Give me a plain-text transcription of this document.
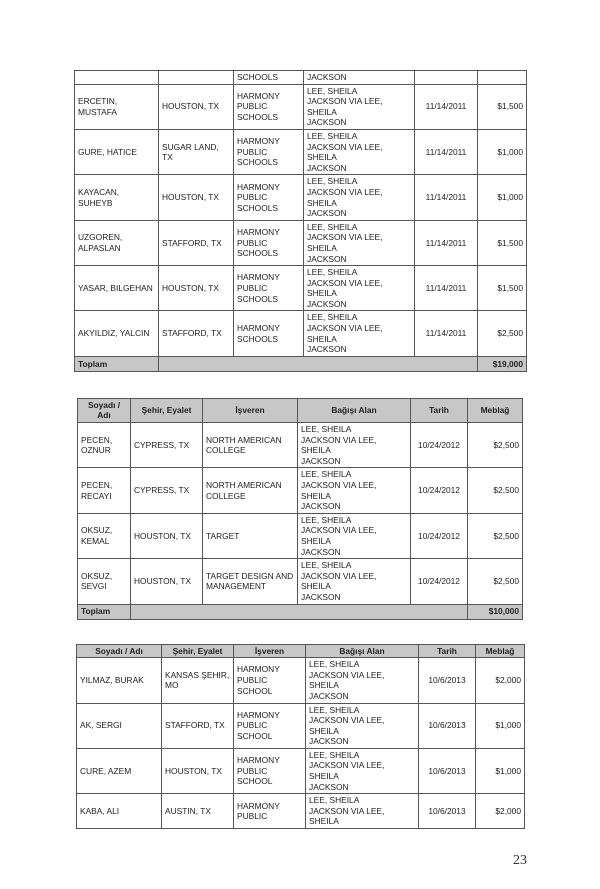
		SCHOOLS	JACKSON		
ERCETIN, MUSTAFA	HOUSTON, TX	HARMONY PUBLIC SCHOOLS	LEE, SHEILA
JACKSON VIA LEE, SHEILA
JACKSON	11/14/2011	$1,500
GURE, HATICE	SUGAR LAND, TX	HARMONY PUBLIC SCHOOLS	LEE, SHEILA
JACKSON VIA LEE, SHEILA
JACKSON	11/14/2011	$1,000
KAYACAN, SUHEYB	HOUSTON, TX	HARMONY PUBLIC SCHOOLS	LEE, SHEILA
JACKSON VIA LEE, SHEILA
JACKSON	11/14/2011	$1,000
UZGOREN, ALPASLAN	STAFFORD, TX	HARMONY PUBLIC SCHOOLS	LEE, SHEILA
JACKSON VIA LEE, SHEILA
JACKSON	11/14/2011	$1,500
YASAR, BILGEHAN	HOUSTON, TX	HARMONY PUBLIC SCHOOLS	LEE, SHEILA
JACKSON VIA LEE, SHEILA
JACKSON	11/14/2011	$1,500
AKYILDIZ, YALCIN	STAFFORD, TX	HARMONY SCHOOLS	LEE, SHEILA
JACKSON VIA LEE, SHEILA
JACKSON	11/14/2011	$2,500
Toplam					$19,000
Soyadı / Adı	Şehir, Eyalet	İşveren	Bağışı Alan	Tarih	Meblağ
PECEN, OZNUR	CYPRESS, TX	NORTH AMERICAN COLLEGE	LEE, SHEILA
JACKSON VIA LEE, SHEILA
JACKSON	10/24/2012	$2,500
PECEN, RECAYI	CYPRESS, TX	NORTH AMERICAN COLLEGE	LEE, SHEILA
JACKSON VIA LEE, SHEILA
JACKSON	10/24/2012	$2,500
OKSUZ, KEMAL	HOUSTON, TX	TARGET	LEE, SHEILA
JACKSON VIA LEE, SHEILA
JACKSON	10/24/2012	$2,500
OKSUZ, SEVGI	HOUSTON, TX	TARGET DESIGN AND MANAGEMENT	LEE, SHEILA
JACKSON VIA LEE, SHEILA
JACKSON	10/24/2012	$2,500
Toplam					$10,000
Soyadı / Adı	Şehir, Eyalet	İşveren	Bağışı Alan	Tarih	Meblağ
YILMAZ, BURAK	KANSAS ŞEHIR, MO	HARMONY PUBLIC SCHOOL	LEE, SHEILA
JACKSON VIA LEE, SHEILA
JACKSON	10/6/2013	$2,000
AK, SERGI	STAFFORD, TX	HARMONY PUBLIC SCHOOL	LEE, SHEILA
JACKSON VIA LEE, SHEILA
JACKSON	10/6/2013	$1,000
CURE, AZEM	HOUSTON, TX	HARMONY PUBLIC SCHOOL	LEE, SHEILA
JACKSON VIA LEE, SHEILA
JACKSON	10/6/2013	$1,000
KABA, ALI	AUSTIN, TX	HARMONY PUBLIC	LEE, SHEILA
JACKSON VIA LEE, SHEILA	10/6/2013	$2,000
23
